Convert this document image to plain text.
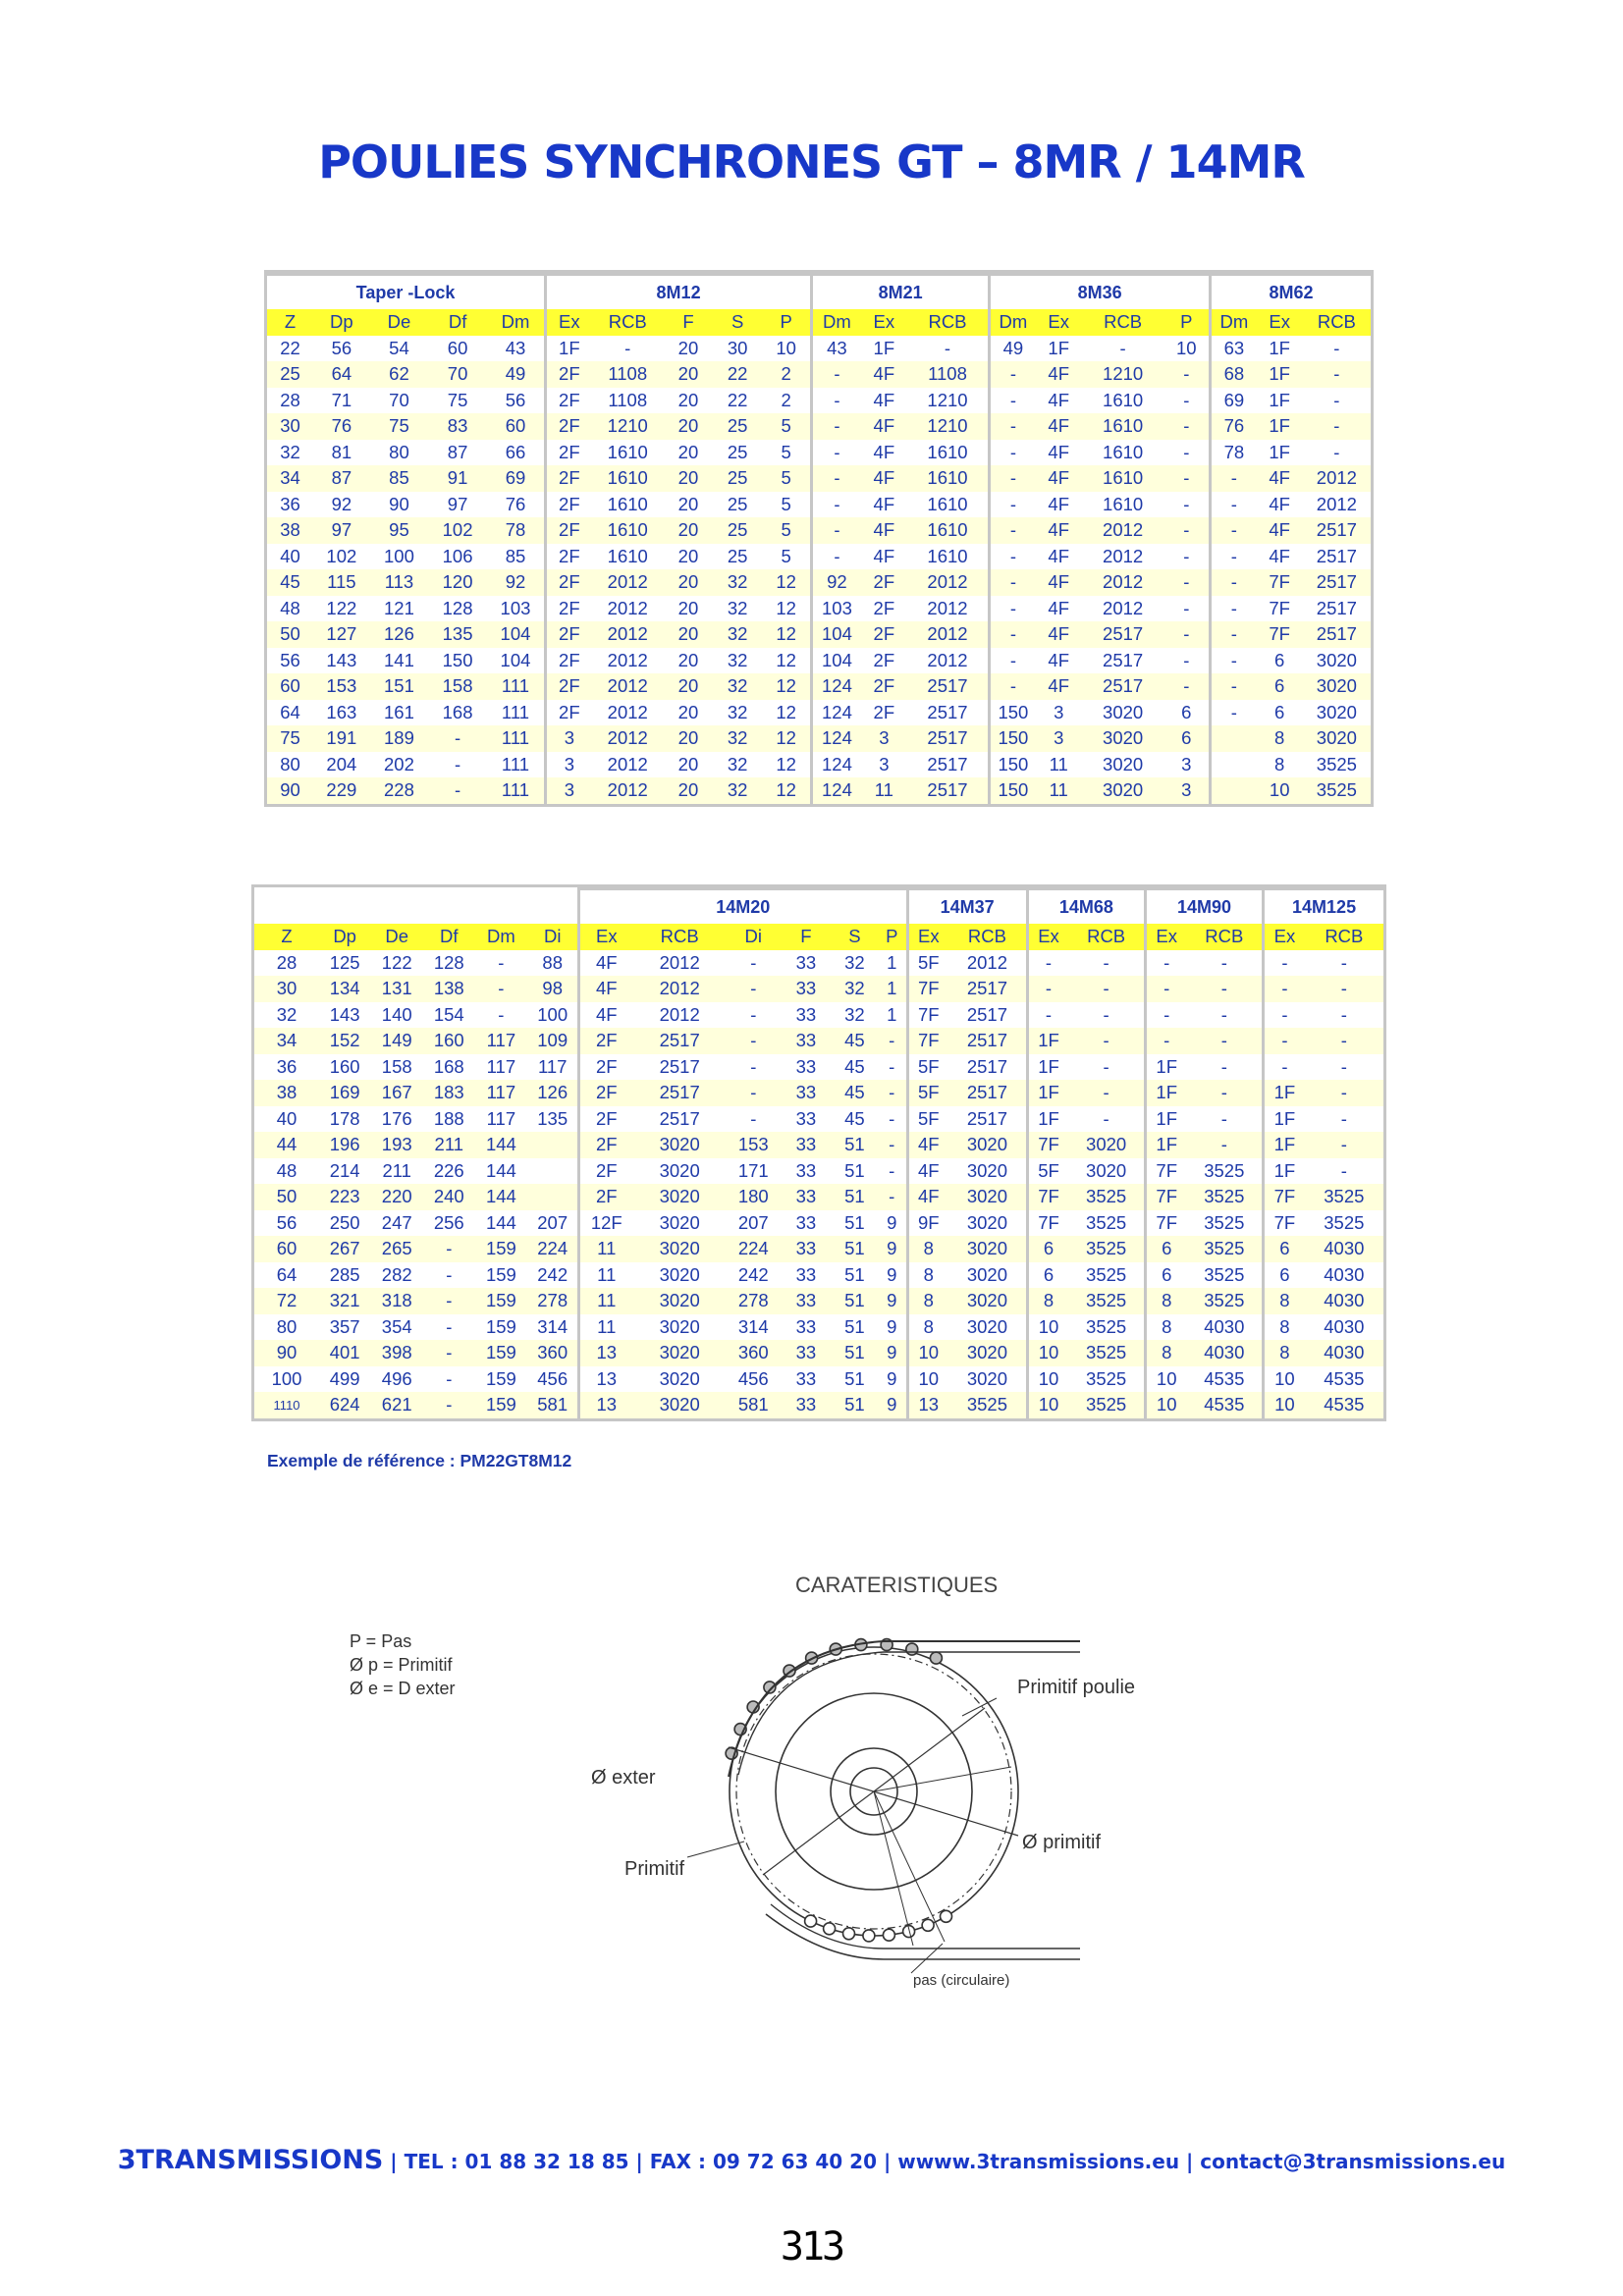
POULIES SYNCHRONES GT – 8MR / 14MR
Taper -Lock					8M12					8M21			8M36				8M62		
Z	Dp	De	Df	Dm	Ex	RCB	F	S	P	Dm	Ex	RCB	Dm	Ex	RCB	P	Dm	Ex	RCB
22	56	54	60	43	1F	-	20	30	10	43	1F	-	49	1F	-	10	63	1F	-
25	64	62	70	49	2F	1108	20	22	2	-	4F	1108	-	4F	1210	-	68	1F	-
28	71	70	75	56	2F	1108	20	22	2	-	4F	1210	-	4F	1610	-	69	1F	-
30	76	75	83	60	2F	1210	20	25	5	-	4F	1210	-	4F	1610	-	76	1F	-
32	81	80	87	66	2F	1610	20	25	5	-	4F	1610	-	4F	1610	-	78	1F	-
34	87	85	91	69	2F	1610	20	25	5	-	4F	1610	-	4F	1610	-	-	4F	2012
36	92	90	97	76	2F	1610	20	25	5	-	4F	1610	-	4F	1610	-	-	4F	2012
38	97	95	102	78	2F	1610	20	25	5	-	4F	1610	-	4F	2012	-	-	4F	2517
40	102	100	106	85	2F	1610	20	25	5	-	4F	1610	-	4F	2012	-	-	4F	2517
45	115	113	120	92	2F	2012	20	32	12	92	2F	2012	-	4F	2012	-	-	7F	2517
48	122	121	128	103	2F	2012	20	32	12	103	2F	2012	-	4F	2012	-	-	7F	2517
50	127	126	135	104	2F	2012	20	32	12	104	2F	2012	-	4F	2517	-	-	7F	2517
56	143	141	150	104	2F	2012	20	32	12	104	2F	2012	-	4F	2517	-	-	6	3020
60	153	151	158	111	2F	2012	20	32	12	124	2F	2517	-	4F	2517	-	-	6	3020
64	163	161	168	111	2F	2012	20	32	12	124	2F	2517	150	3	3020	6	-	6	3020
75	191	189	-	111	3	2012	20	32	12	124	3	2517	150	3	3020	6		8	3020
80	204	202	-	111	3	2012	20	32	12	124	3	2517	150	11	3020	3		8	3525
90	229	228	-	111	3	2012	20	32	12	124	11	2517	150	11	3020	3		10	3525
						14M20						14M37		14M68		14M90		14M125	
Z	Dp	De	Df	Dm	Di	Ex	RCB	Di	F	S	P	Ex	RCB	Ex	RCB	Ex	RCB	Ex	RCB
28	125	122	128	-	88	4F	2012	-	33	32	1	5F	2012	-	-	-	-	-	-
30	134	131	138	-	98	4F	2012	-	33	32	1	7F	2517	-	-	-	-	-	-
32	143	140	154	-	100	4F	2012	-	33	32	1	7F	2517	-	-	-	-	-	-
34	152	149	160	117	109	2F	2517	-	33	45	-	7F	2517	1F	-	-	-	-	-
36	160	158	168	117	117	2F	2517	-	33	45	-	5F	2517	1F	-	1F	-	-	-
38	169	167	183	117	126	2F	2517	-	33	45	-	5F	2517	1F	-	1F	-	1F	-
40	178	176	188	117	135	2F	2517	-	33	45	-	5F	2517	1F	-	1F	-	1F	-
44	196	193	211	144		2F	3020	153	33	51	-	4F	3020	7F	3020	1F	-	1F	-
48	214	211	226	144		2F	3020	171	33	51	-	4F	3020	5F	3020	7F	3525	1F	-
50	223	220	240	144		2F	3020	180	33	51	-	4F	3020	7F	3525	7F	3525	7F	3525
56	250	247	256	144	207	12F	3020	207	33	51	9	9F	3020	7F	3525	7F	3525	7F	3525
60	267	265	-	159	224	11	3020	224	33	51	9	8	3020	6	3525	6	3525	6	4030
64	285	282	-	159	242	11	3020	242	33	51	9	8	3020	6	3525	6	3525	6	4030
72	321	318	-	159	278	11	3020	278	33	51	9	8	3020	8	3525	8	3525	8	4030
80	357	354	-	159	314	11	3020	314	33	51	9	8	3020	10	3525	8	4030	8	4030
90	401	398	-	159	360	13	3020	360	33	51	9	10	3020	10	3525	8	4030	8	4030
100	499	496	-	159	456	13	3020	456	33	51	9	10	3020	10	3525	10	4535	10	4535
1110	624	621	-	159	581	13	3020	581	33	51	9	13	3525	10	3525	10	4535	10	4535
Exemple de référence : PM22GT8M12
CARATERISTIQUES
P = Pas
Ø p = Primitif
Ø e = D exter	Primitif poulie
Ø exter
Ø primitif
Primitif
pas (circulaire)
3TRANSMISSIONS | TEL : 01 88 32 18 85 | FAX : 09 72 63 40 20 | wwww.3transmissions.eu | contact@3transmissions.eu
313
